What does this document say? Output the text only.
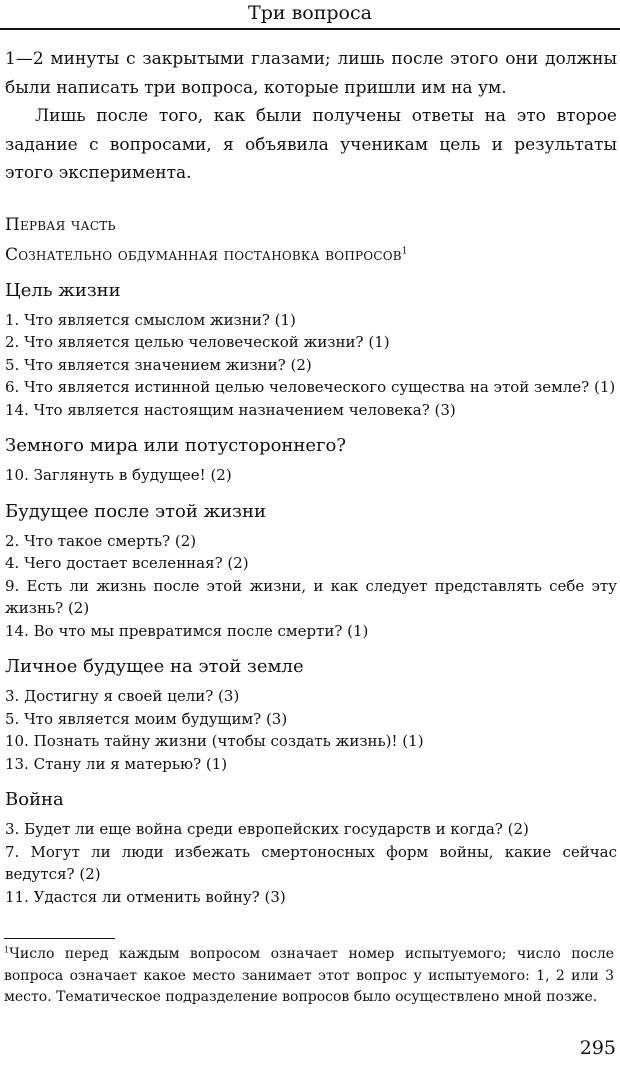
Три вопроса

1—2 минуты с закрытыми глазами; лишь после этого они должны были написать три вопроса, которые пришли им на ум.

Лишь после того, как были получены ответы на это второе задание с вопросами, я объявила ученикам цель и результаты этого эксперимента.

Первая часть
Сознательно обдуманная постановка вопросов$^1$
Цель жизни
1. Что является смыслом жизни? (1)
2. Что является целью человеческой жизни? (1)
5. Что является значением жизни? (2)
6. Что является истинной целью человеческого существа на этой земле? (1)
14. Что является настоящим назначением человека? (3)
Земного мира или потустороннего?
10. Заглянуть в будущее! (2)
Будущее после этой жизни
2. Что такое смерть? (2)
4. Чего достает вселенная? (2)
9. Есть ли жизнь после этой жизни, и как следует представлять себе эту жизнь? (2)
14. Во что мы превратимся после смерти? (1)
Личное будущее на этой земле
3. Достигну я своей цели? (3)
5. Что является моим будущим? (3)
10. Познать тайну жизни (чтобы создать жизнь)! (1)
13. Стану ли я матерью? (1)
Война
3. Будет ли еще война среди европейских государств и когда? (2)
7. Могут ли люди избежать смертоносных форм войны, какие сейчас ведутся? (2)
11. Удастся ли отменить войну? (3)
$^1$Число перед каждым вопросом означает номер испытуемого; число после вопроса означает какое место занимает этот вопрос у испытуемого: 1, 2 или 3 место. Тематическое подразделение вопросов было осуществлено мной позже.
295
